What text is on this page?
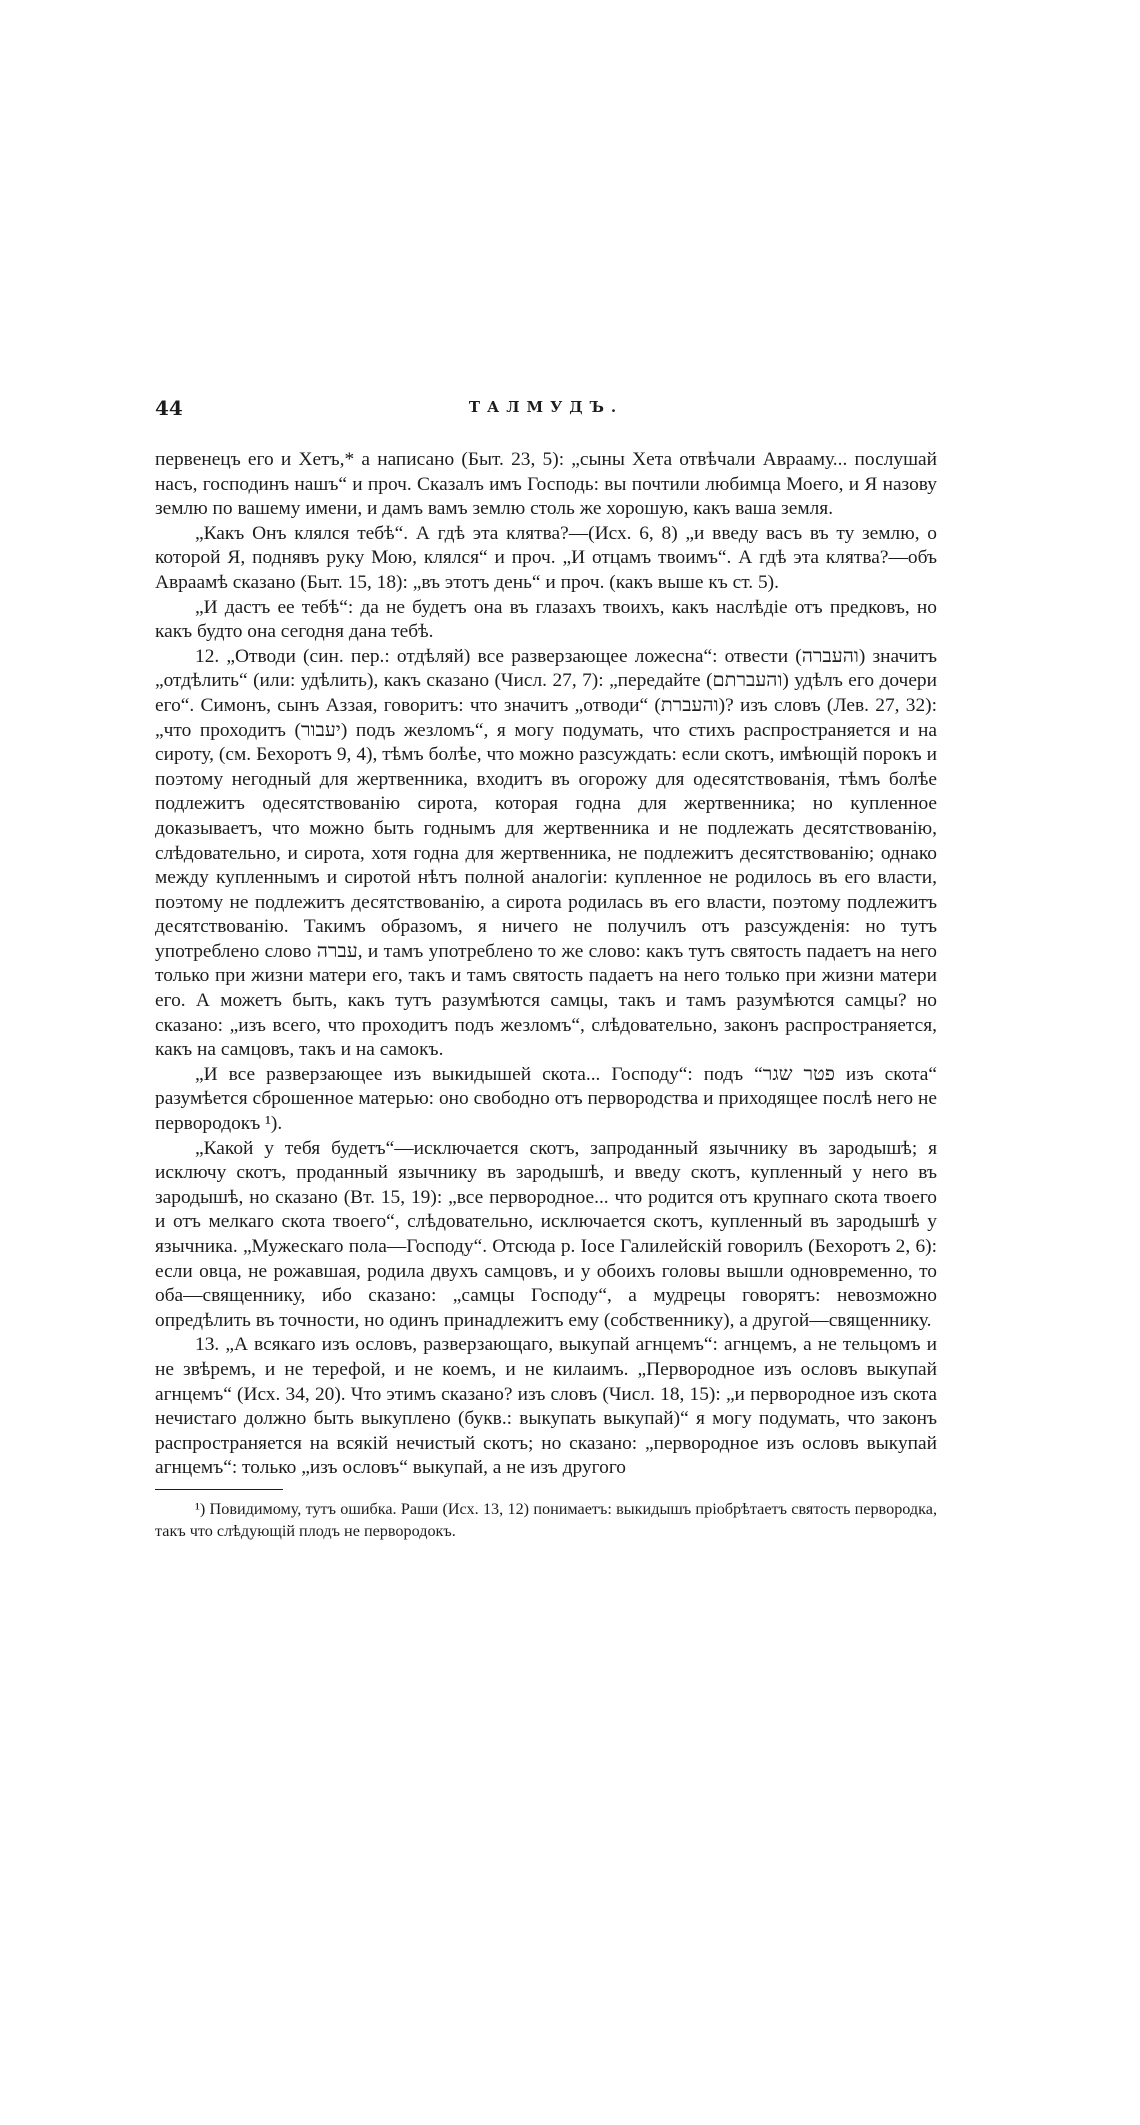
44	ТАЛМУДЪ.

первенецъ его и Хетъ,* а написано (Быт. 23, 5): „сыны Хета отвѣчали Аврааму... послушай насъ, господинъ нашъ“ и проч. Сказалъ имъ Господь: вы почтили любимца Моего, и Я назову землю по вашему имени, и дамъ вамъ землю столь же хорошую, какъ ваша земля.

„Какъ Онъ клялся тебѣ“. А гдѣ эта клятва?—(Исх. 6, 8) „и введу васъ въ ту землю, о которой Я, поднявъ руку Мою, клялся“ и проч. „И отцамъ твоимъ“. А гдѣ эта клятва?—объ Авраамѣ сказано (Быт. 15, 18): „въ этотъ день“ и проч. (какъ выше къ ст. 5).

„И дастъ ее тебѣ“: да не будетъ она въ глазахъ твоихъ, какъ наслѣдіе отъ предковъ, но какъ будто она сегодня дана тебѣ.

12. „Отводи (син. пер.: отдѣляй) все разверзающее ложесна“: отвести (והעברה) значитъ „отдѣлить“ (или: удѣлить), какъ сказано (Числ. 27, 7): „передайте (והעברתם) удѣлъ его дочери его“. Симонъ, сынъ Аззая, говоритъ: что значитъ „отводи“ (והעברת)? изъ словъ (Лев. 27, 32): „что проходитъ (יעבור) подъ жезломъ“, я могу подумать, что стихъ распространяется и на сироту, (см. Бехоротъ 9, 4), тѣмъ болѣе, что можно разсуждать: если скотъ, имѣющій порокъ и поэтому негодный для жертвенника, входитъ въ огорожу для одесятствованія, тѣмъ болѣе подлежитъ одесятствованію сирота, которая годна для жертвенника; но купленное доказываетъ, что можно быть годнымъ для жертвенника и не подлежать десятствованію, слѣдовательно, и сирота, хотя годна для жертвенника, не подлежитъ десятствованію; однако между купленнымъ и сиротой нѣтъ полной аналогіи: купленное не родилось въ его власти, поэтому не подлежитъ десятствованію, а сирота родилась въ его власти, поэтому подлежитъ десятствованію. Такимъ образомъ, я ничего не получилъ отъ разсужденія: но тутъ употреблено слово עברה, и тамъ употреблено то же слово: какъ тутъ святость падаетъ на него только при жизни матери его, такъ и тамъ святость падаетъ на него только при жизни матери его. А можетъ быть, какъ тутъ разумѣются самцы, такъ и тамъ разумѣются самцы? но сказано: „изъ всего, что проходитъ подъ жезломъ“, слѣдовательно, законъ распространяется, какъ на самцовъ, такъ и на самокъ.

„И все разверзающее изъ выкидышей скота... Господу“: подъ “פטר שגר изъ скота“ разумѣется сброшенное матерью: оно свободно отъ первородства и приходящее послѣ него не первородокъ ¹).

„Какой у тебя будетъ“—исключается скотъ, запроданный язычнику въ зародышѣ; я исключу скотъ, проданный язычнику въ зародышѣ, и введу скотъ, купленный у него въ зародышѣ, но сказано (Вт. 15, 19): „все первородное... что родится отъ крупнаго скота твоего и отъ мелкаго скота твоего“, слѣдовательно, исключается скотъ, купленный въ зародышѣ у язычника. „Мужескаго пола—Господу“. Отсюда р. Іосе Галилейскій говорилъ (Бехоротъ 2, 6): если овца, не рожавшая, родила двухъ самцовъ, и у обоихъ головы вышли одновременно, то оба—священнику, ибо сказано: „самцы Господу“, а мудрецы говорятъ: невозможно опредѣлить въ точности, но одинъ принадлежитъ ему (собственнику), а другой—священнику.

13. „А всякаго изъ ословъ, разверзающаго, выкупай агнцемъ“: агнцемъ, а не тельцомъ и не звѣремъ, и не терефой, и не коемъ, и не килаимъ. „Первородное изъ ословъ выкупай агнцемъ“ (Исх. 34, 20). Что этимъ сказано? изъ словъ (Числ. 18, 15): „и первородное изъ скота нечистаго должно быть выкуплено (букв.: выкупать выкупай)“ я могу подумать, что законъ распространяется на всякій нечистый скотъ; но сказано: „первородное изъ ословъ выкупай агнцемъ“: только „изъ ословъ“ выкупай, а не изъ другого

¹) Повидимому, тутъ ошибка. Раши (Исх. 13, 12) понимаетъ: выкидышъ пріобрѣтаетъ святость первородка, такъ что слѣдующій плодъ не первородокъ.
